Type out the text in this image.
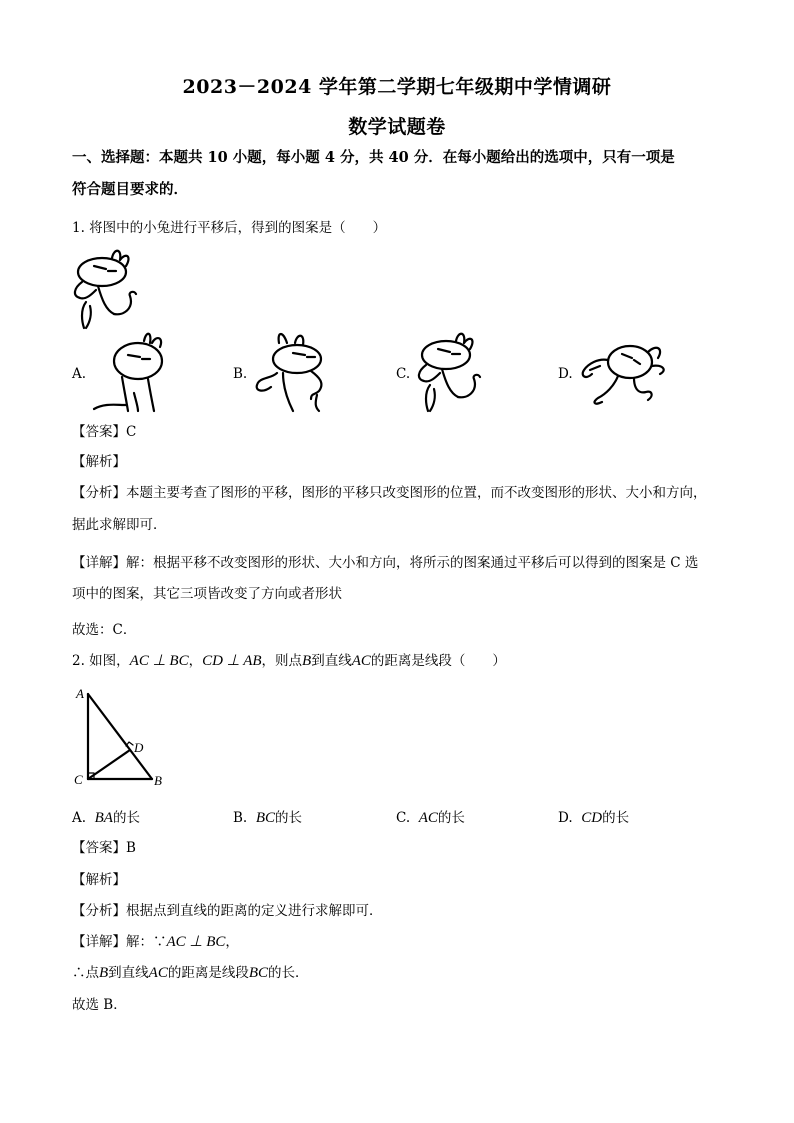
2023－2024 学年第二学期七年级期中学情调研
数学试题卷
一、选择题：本题共 10 小题，每小题 4 分，共 40 分．在每小题给出的选项中，只有一项是
符合题目要求的．
1. 将图中的小兔进行平移后，得到的图案是（　　）
A.	B.	C.	D.
【答案】C
【解析】
【分析】本题主要考查了图形的平移，图形的平移只改变图形的位置，而不改变图形的形状、大小和方向，
据此求解即可．
【详解】解：根据平移不改变图形的形状、大小和方向，将所示的图案通过平移后可以得到的图案是 C 选
项中的图案，其它三项皆改变了方向或者形状
故选：C．
2. 如图，AC ⊥ BC，CD ⊥ AB，则点B到直线AC的距离是线段（　　）
A
D
C	B
A. BA的长	B. BC的长	C. AC的长	D. CD的长
【答案】B
【解析】
【分析】根据点到直线的距离的定义进行求解即可．
【详解】解：∵AC ⊥ BC，
∴点B到直线AC的距离是线段BC的长．
故选 B．
